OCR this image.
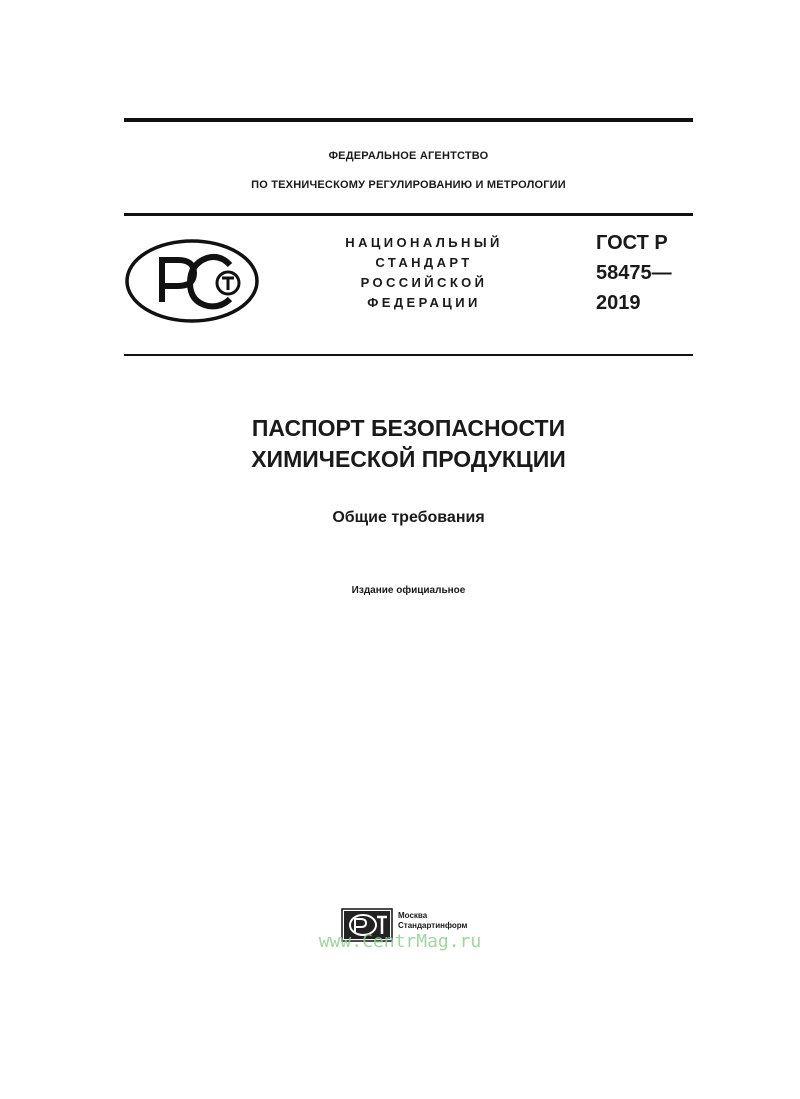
ФЕДЕРАЛЬНОЕ АГЕНТСТВО
ПО ТЕХНИЧЕСКОМУ РЕГУЛИРОВАНИЮ И МЕТРОЛОГИИ
НАЦИОНАЛЬНЫЙ
СТАНДАРТ
РОССИЙСКОЙ
ФЕДЕРАЦИИ
ГОСТ Р
58475—
2019
ПАСПОРТ БЕЗОПАСНОСТИ
ХИМИЧЕСКОЙ ПРОДУКЦИИ
Общие требования
Издание официальное
Москва
Стандартинформ
www.CentrMag.ru
